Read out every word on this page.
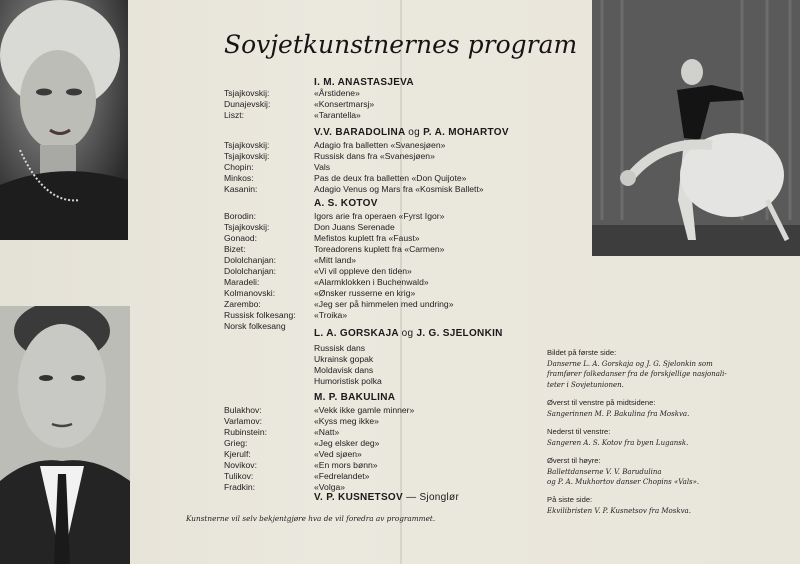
Sovjetkunstnernes program
I. M. ANASTASJEVA
Tsjajkovskij:
Dunajevskij:
Liszt:
«Årstidene»
«Konsertmarsj»
«Tarantella»
V.V. BARADOLINA og P. A. MOHARTOV
Tsjajkovskij:
Tsjajkovskij:
Chopin:
Minkos:
Kasanin:
Adagio fra balletten «Svanesjøen»
Russisk dans fra «Svanesjøen»
Vals
Pas de deux fra balletten «Don Quijote»
Adagio Venus og Mars fra «Kosmisk Ballett»
A. S. KOTOV
Borodin:
Tsjajkovskij:
Gonaod:
Bizet:
Dololchanjan:
Dololchanjan:
Maradeli:
Kolmanovski:
Zarembo:
Russisk folkesang:
Norsk folkesang
Igors arie fra operaen «Fyrst Igor»
Don Juans Serenade
Mefistos kuplett fra «Faust»
Toreadorens kuplett fra «Carmen»
«Mitt land»
«Vi vil oppleve den tiden»
«Alarmklokken i Buchenwald»
«Ønsker russerne en krig»
«Jeg ser på himmelen med undring»
«Troika»
L. A. GORSKAJA og J. G. SJELONKIN
Russisk dans
Ukrainsk gopak
Moldavisk dans
Humoristisk polka
M. P. BAKULINA
Bulakhov:
Varlamov:
Rubinstein:
Grieg:
Kjerulf:
Novikov:
Tulikov:
Fradkin:
«Vekk ikke gamle minner»
«Kyss meg ikke»
«Natt»
«Jeg elsker deg»
«Ved sjøen»
«En mors bønn»
«Fedrelandet»
«Volga»
V. P. KUSNETSOV — Sjonglør
Kunstnerne vil selv bekjentgjøre hva de vil foredra av programmet.
Bildet på første side:
Danserne L. A. Gorskaja og J. G. Sjelonkin som
framfører folkedanser fra de forskjellige nasjonali-
teter i Sovjetunionen.
Øverst til venstre på midtsidene:
Sangerinnen M. P. Bakulina fra Moskva.
Nederst til venstre:
Sangeren A. S. Kotov fra byen Lugansk.
Øverst til høyre:
Ballettdanserne V. V. Barudulina
og P. A. Mukhortov danser Chopins «Vals».
På siste side:
Ekvilibristen V. P. Kusnetsov fra Moskva.
